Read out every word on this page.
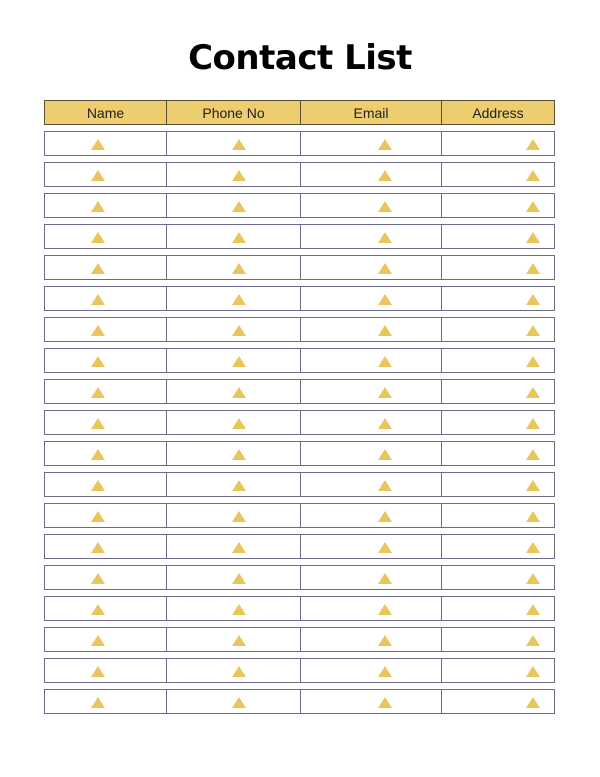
Contact List
Name	Phone No	Email	Address
